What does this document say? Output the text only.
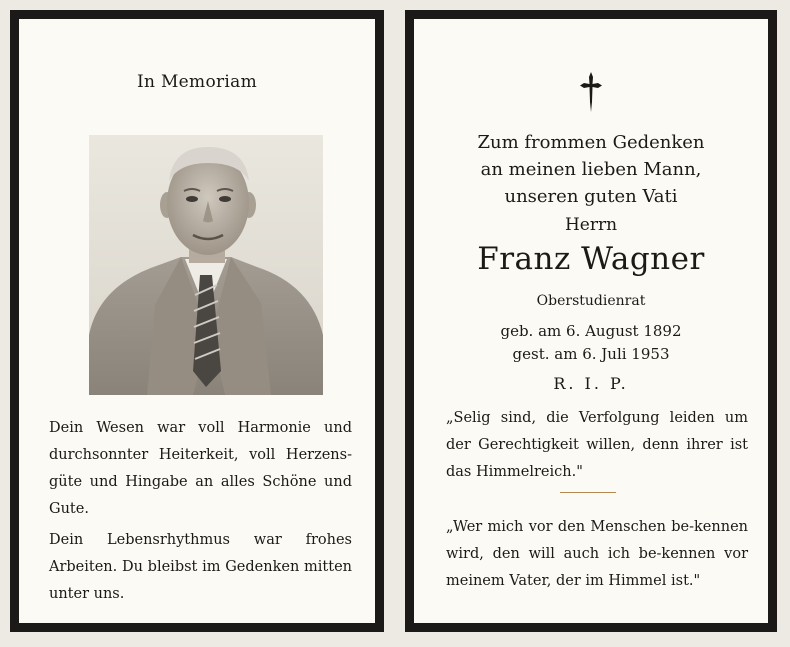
In Memoriam

Dein Wesen war voll Harmonie und durchsonnter Heiterkeit, voll Herzens-güte und Hingabe an alles Schöne und Gute.

Dein Lebensrhythmus war frohes Arbeiten. Du bleibst im Gedenken mitten unter uns.

Zum frommen Gedenken
an meinen lieben Mann,
unseren guten Vati
Herrn
Franz Wagner
Oberstudienrat
geb. am 6. August 1892
gest. am 6. Juli 1953
R. I. P.

„Selig sind, die Verfolgung leiden um der Gerechtigkeit willen, denn ihrer ist das Himmelreich."

„Wer mich vor den Menschen be-kennen wird, den will auch ich be-kennen vor meinem Vater, der im Himmel ist."
